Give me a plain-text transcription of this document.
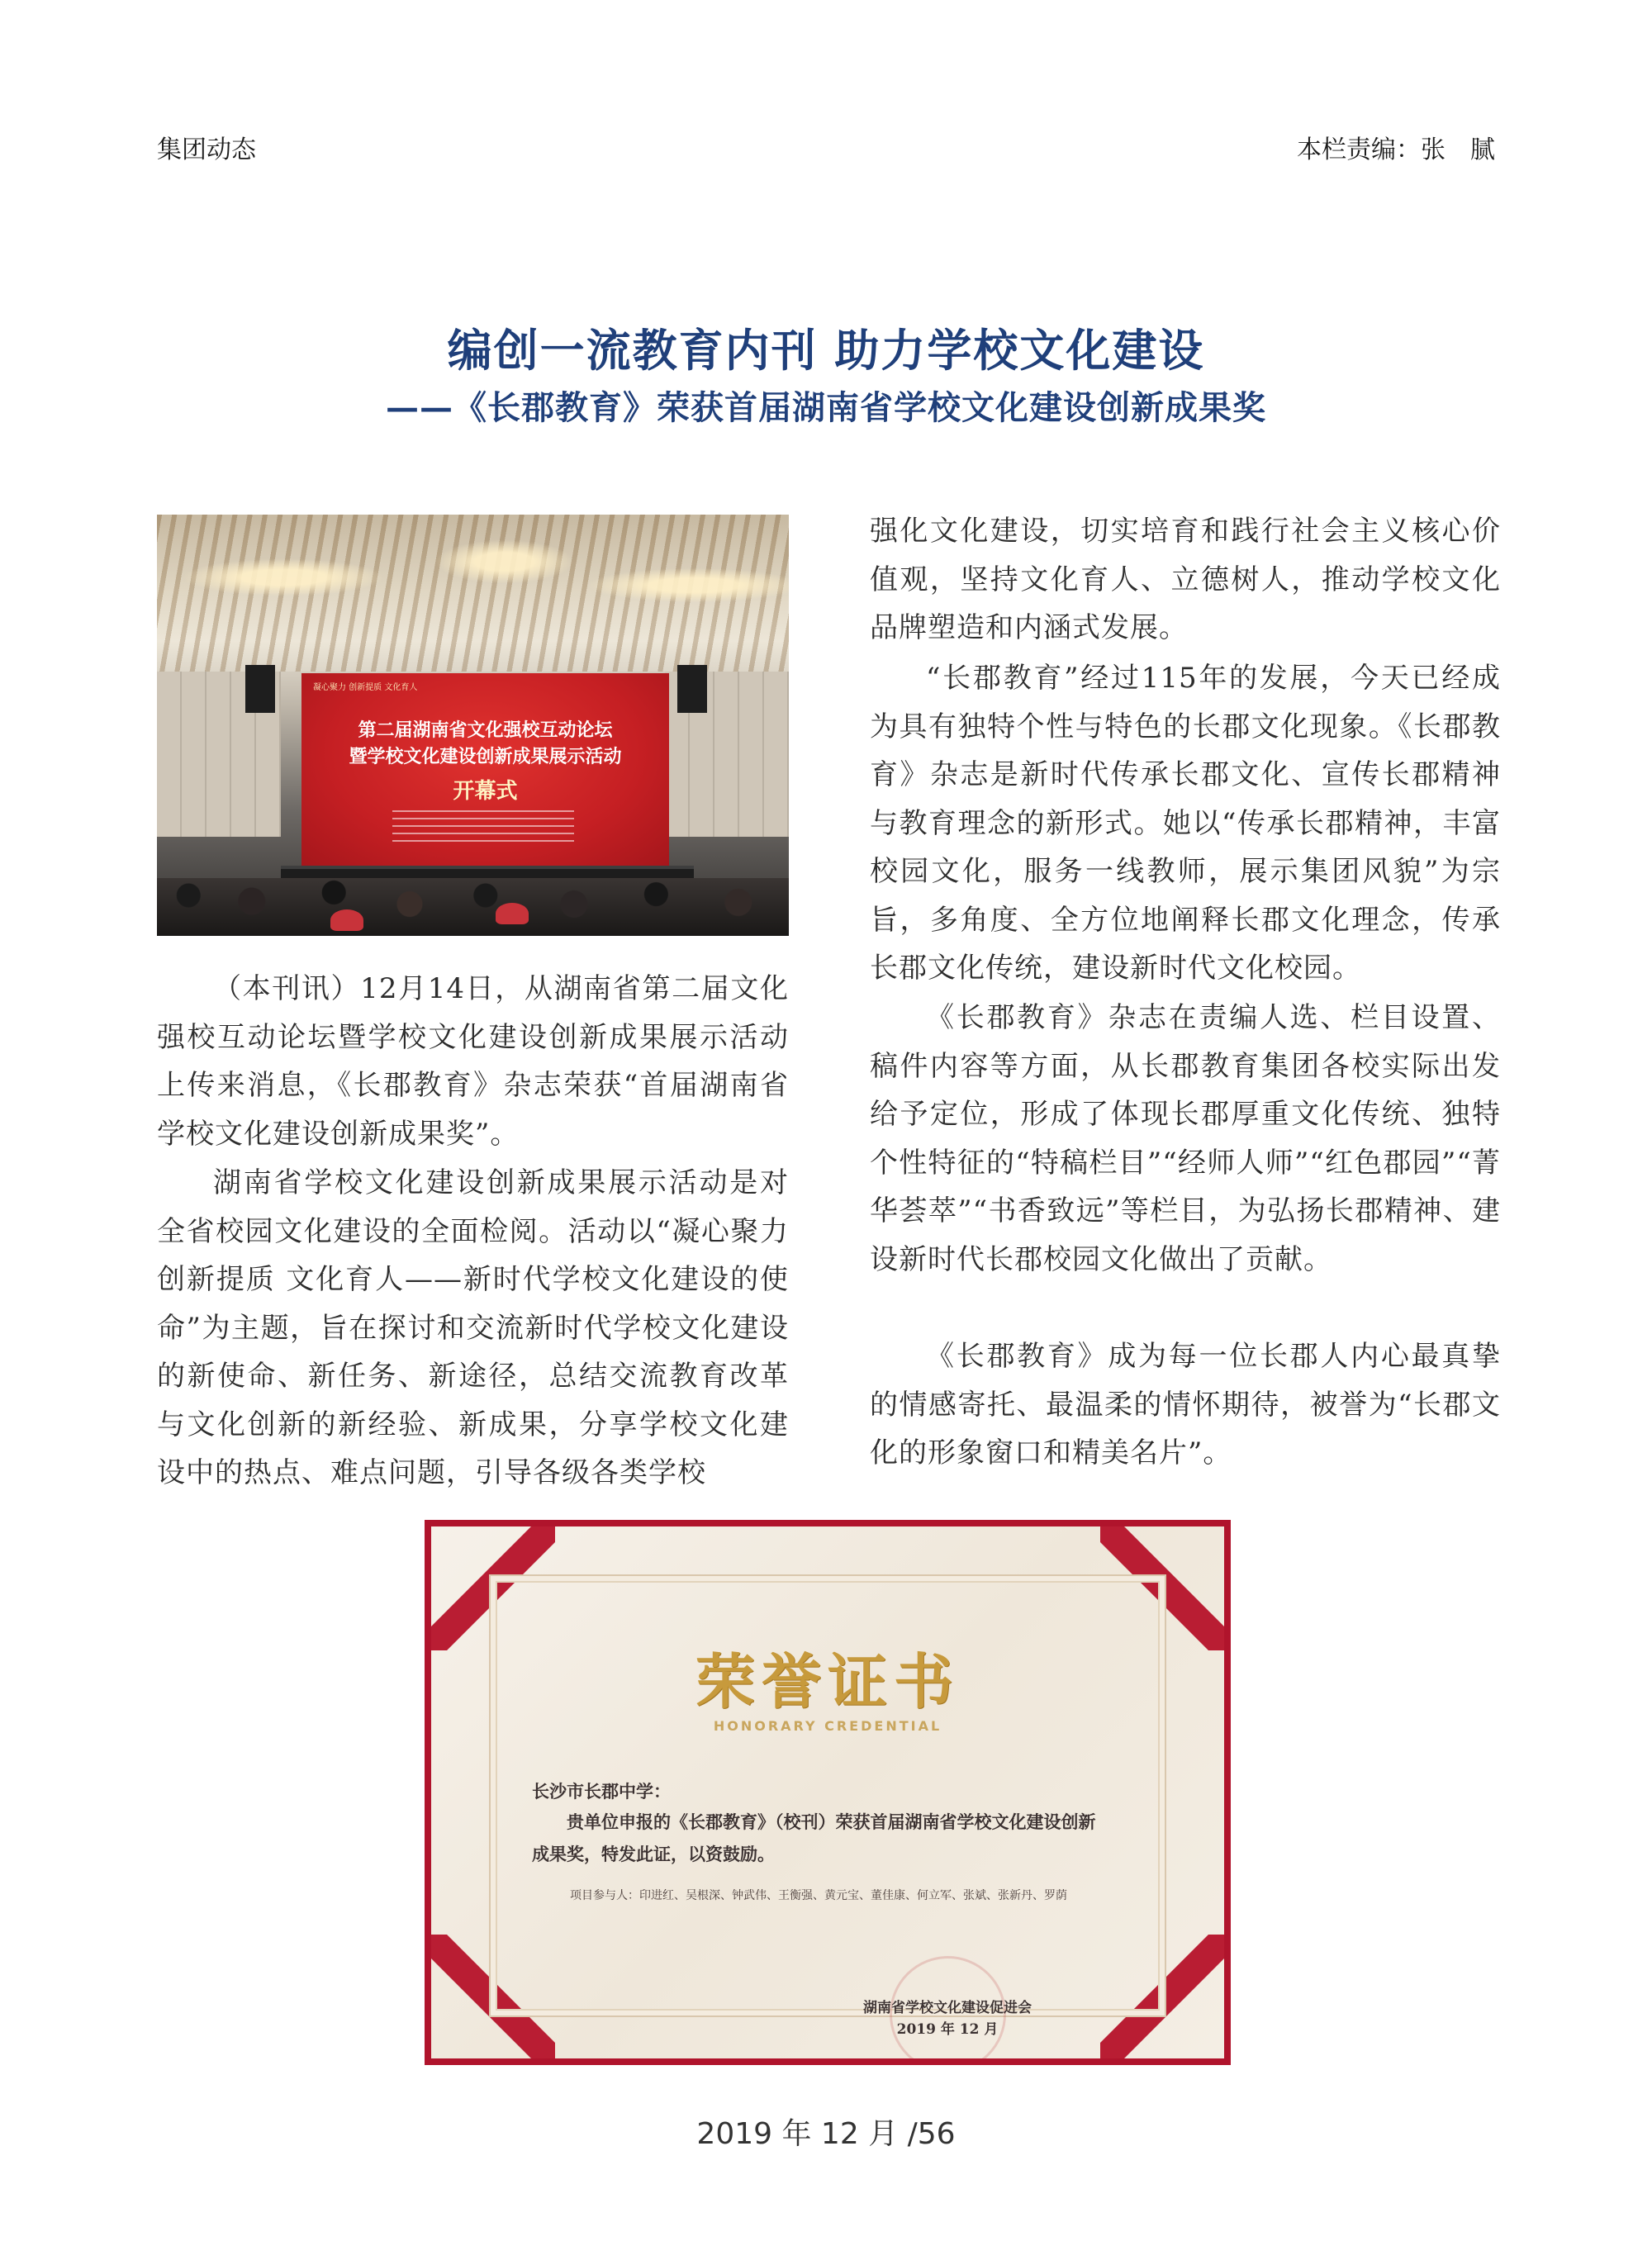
集团动态	本栏责编：张　腻
编创一流教育内刊 助力学校文化建设
——《长郡教育》荣获首届湖南省学校文化建设创新成果奖
凝心聚力 创新提质 文化育人
第二届湖南省文化强校互动论坛
暨学校文化建设创新成果展示活动
开幕式

（本刊讯）12月14日，从湖南省第二届文化强校互动论坛暨学校文化建设创新成果展示活动上传来消息，《长郡教育》杂志荣获“首届湖南省学校文化建设创新成果奖”。

湖南省学校文化建设创新成果展示活动是对全省校园文化建设的全面检阅。活动以“凝心聚力 创新提质 文化育人——新时代学校文化建设的使命”为主题，旨在探讨和交流新时代学校文化建设的新使命、新任务、新途径，总结交流教育改革与文化创新的新经验、新成果，分享学校文化建设中的热点、难点问题，引导各级各类学校

强化文化建设，切实培育和践行社会主义核心价值观，坚持文化育人、立德树人，推动学校文化品牌塑造和内涵式发展。

“长郡教育”经过115年的发展，今天已经成为具有独特个性与特色的长郡文化现象。《长郡教育》杂志是新时代传承长郡文化、宣传长郡精神与教育理念的新形式。她以“传承长郡精神，丰富校园文化，服务一线教师，展示集团风貌”为宗旨，多角度、全方位地阐释长郡文化理念，传承长郡文化传统，建设新时代文化校园。

《长郡教育》杂志在责编人选、栏目设置、稿件内容等方面，从长郡教育集团各校实际出发给予定位，形成了体现长郡厚重文化传统、独特个性特征的“特稿栏目”“经师人师”“红色郡园”“菁华荟萃”“书香致远”等栏目，为弘扬长郡精神、建设新时代长郡校园文化做出了贡献。

《长郡教育》成为每一位长郡人内心最真挚的情感寄托、最温柔的情怀期待，被誉为“长郡文化的形象窗口和精美名片”。

荣誉证书
HONORARY CREDENTIAL
长沙市长郡中学：

贵单位申报的《长郡教育》（校刊）荣获首届湖南省学校文化建设创新成果奖，特发此证，以资鼓励。

项目参与人：印进红、吴根深、钟武伟、王衡强、黄元宝、董佳康、何立军、张斌、张新丹、罗荫

湖南省学校文化建设促进会
2019 年 12 月
2019 年 12 月 /56
